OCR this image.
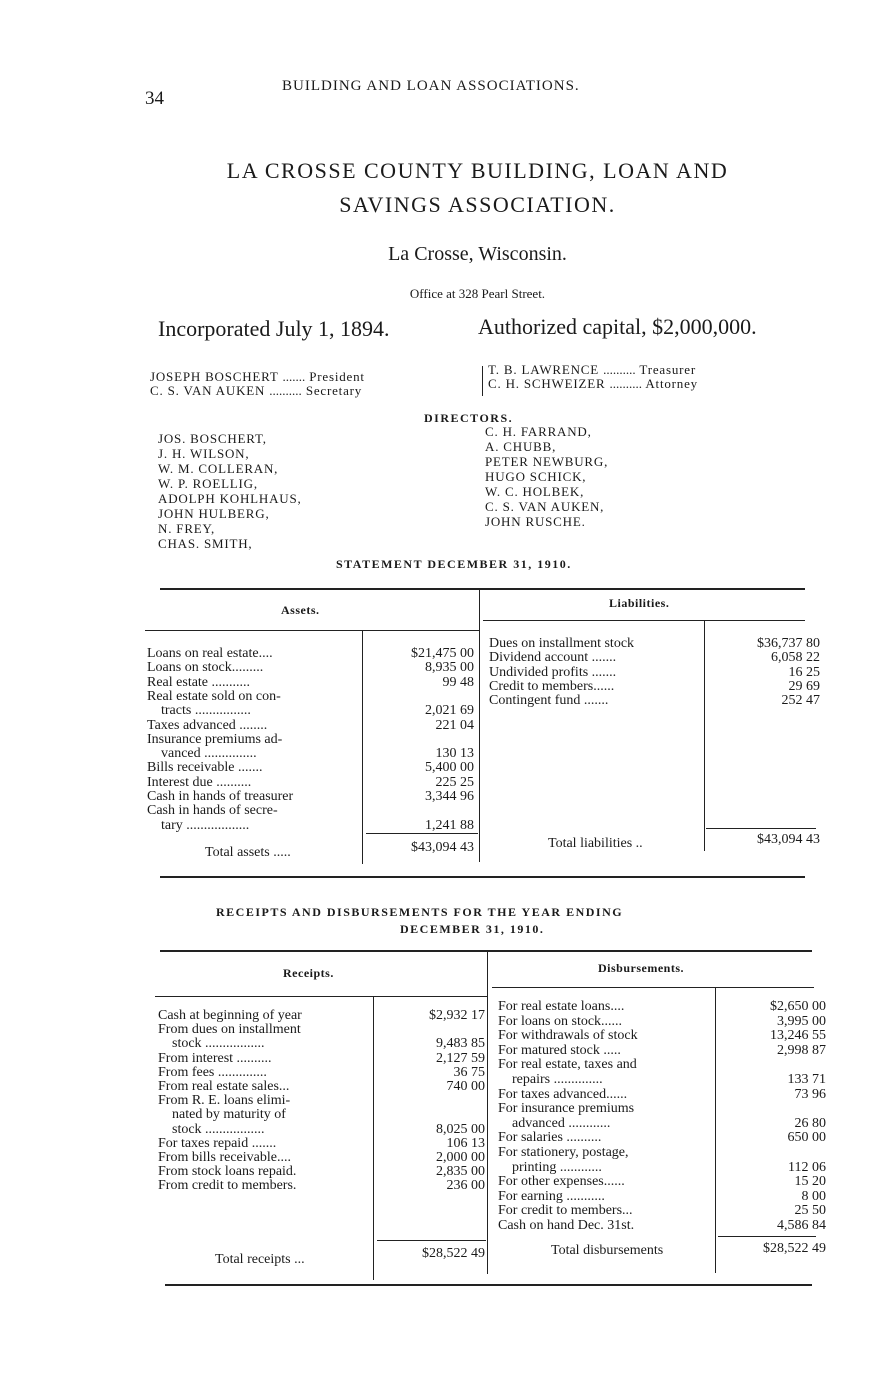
34
BUILDING AND LOAN ASSOCIATIONS.
LA CROSSE COUNTY BUILDING, LOAN AND
SAVINGS ASSOCIATION.
La Crosse, Wisconsin.
Office at 328 Pearl Street.
Incorporated July 1, 1894.	Authorized capital, $2,000,000.
JOSEPH BOSCHERT ....... President
C. S. VAN AUKEN .......... Secretary
T. B. LAWRENCE .......... Treasurer
C. H. SCHWEIZER .......... Attorney
DIRECTORS.
JOS. BOSCHERT,
J. H. WILSON,
W. M. COLLERAN,
W. P. ROELLIG,
ADOLPH KOHLHAUS,
JOHN HULBERG,
N. FREY,
CHAS. SMITH,
C. H. FARRAND,
A. CHUBB,
PETER NEWBURG,
HUGO SCHICK,
W. C. HOLBEK,
C. S. VAN AUKEN,
JOHN RUSCHE.
STATEMENT DECEMBER 31, 1910.
Assets.	Liabilities.
Loans on real estate....	$21,475 00
Loans on stock.........	8,935 00
Real estate ...........	99 48
Real estate sold on con-
tracts ................	2,021 69
Taxes advanced ........	221 04
Insurance premiums ad-
vanced ...............	130 13
Bills receivable .......	5,400 00
Interest due ..........	225 25
Cash in hands of treasurer	3,344 96
Cash in hands of secre-
tary ..................	1,241 88
Dues on installment stock	$36,737 80
Dividend account .......	6,058 22
Undivided profits .......	16 25
Credit to members......	29 69
Contingent fund .......	252 47
Total assets .....	$43,094 43	Total liabilities ..	$43,094 43
RECEIPTS AND DISBURSEMENTS FOR THE YEAR ENDING
DECEMBER 31, 1910.
Receipts.	Disbursements.
Cash at beginning of year	$2,932 17
From dues on installment
stock .................	9,483 85
From interest ..........	2,127 59
From fees ..............	36 75
From real estate sales...	740 00
From R. E. loans elimi-
nated by maturity of
stock .................	8,025 00
For taxes repaid .......	106 13
From bills receivable....	2,000 00
From stock loans repaid.	2,835 00
From credit to members.	236 00
For real estate loans....	$2,650 00
For loans on stock......	3,995 00
For withdrawals of stock	13,246 55
For matured stock .....	2,998 87
For real estate, taxes and
repairs ..............	133 71
For taxes advanced......	73 96
For insurance premiums
advanced ............	26 80
For salaries ..........	650 00
For stationery, postage,
printing ............	112 06
For other expenses......	15 20
For earning ...........	8 00
For credit to members...	25 50
Cash on hand Dec. 31st.	4,586 84
Total receipts ...	$28,522 49	Total disbursements	$28,522 49
